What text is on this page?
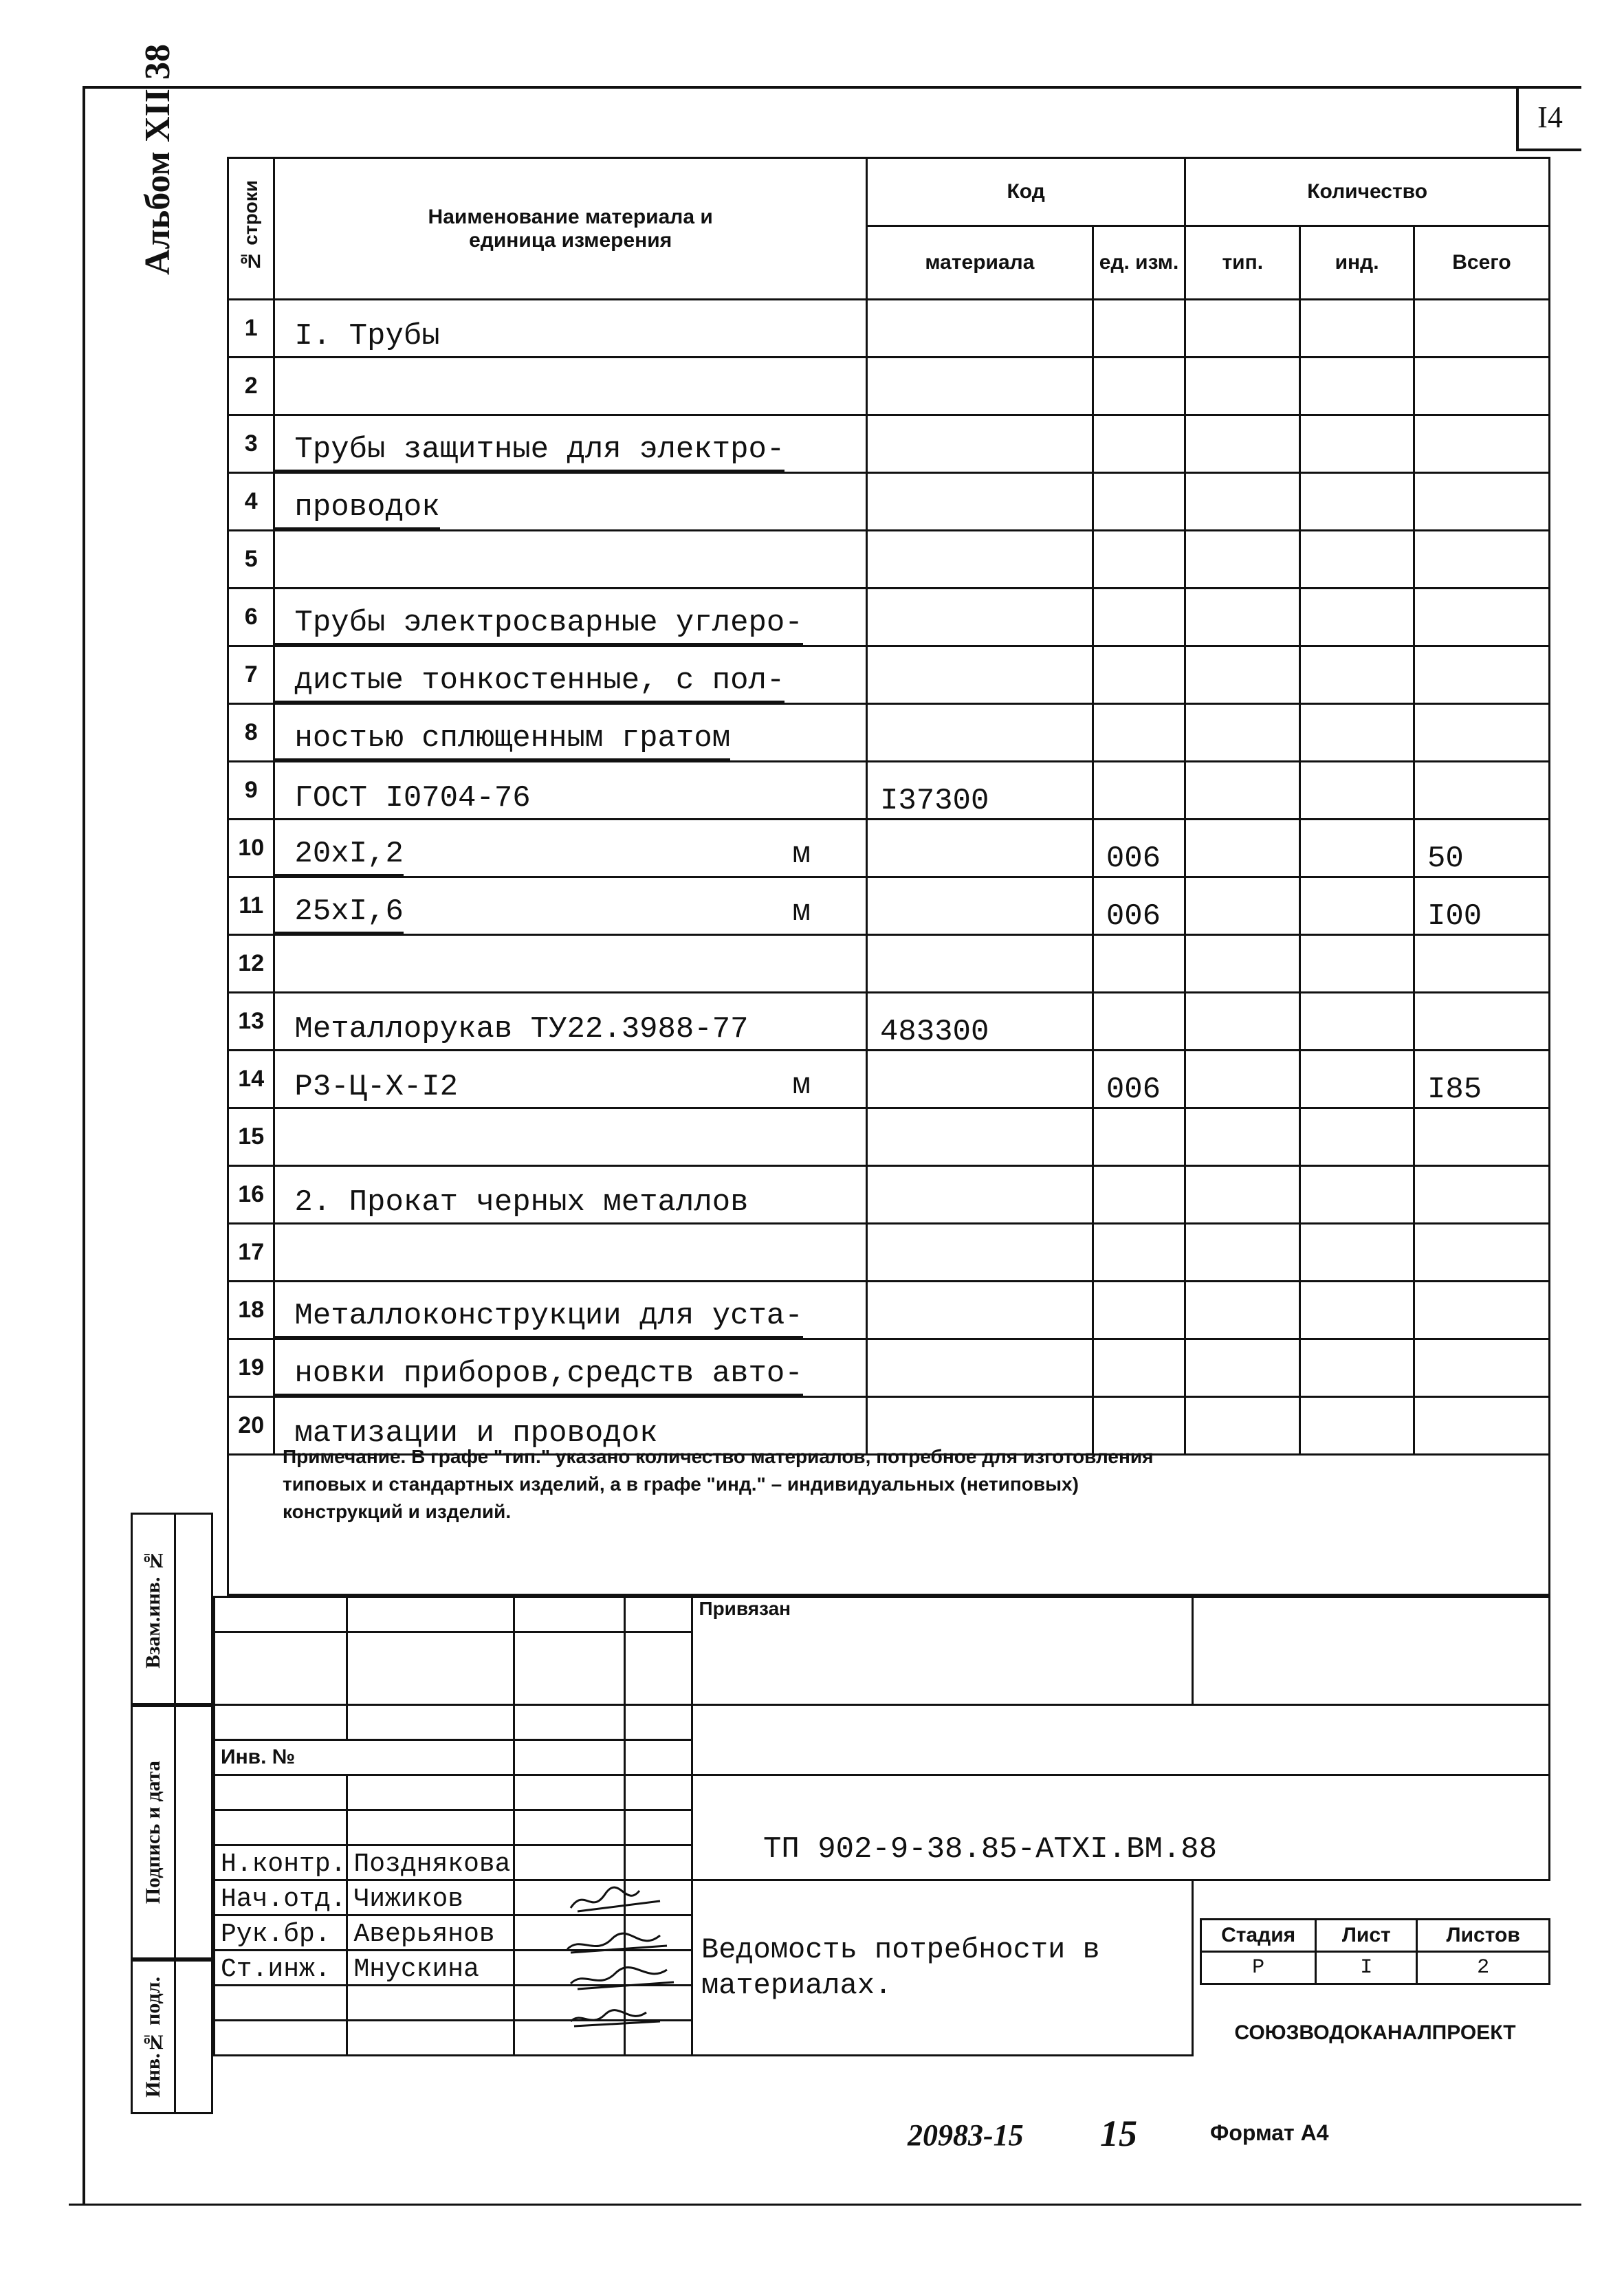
I4
Альбом XII 38	№ строки	Наименование материала и единица измерения	Код		Количество		
		материала	ед. изм.	тип.	инд.	Всего
1	I. Трубы

2	

3	Трубы защитные для электро-

4	проводок

5	

6	Трубы электросварные углеро-

7	дистые тонкостенные, с пол-

8	ностью сплющенным гратом

9	ГОСТ I0704-76	I37300				
10	20xI,2 м		006			50
11	25xI,6 м		006			I00
12	

13	Металлорукав ТУ22.3988-77	483300				
14	Р3-Ц-Х-I2 м		006			I85
15	

16	2. Прокат черных металлов

17	

18	Металлоконструкции для уста-

19	новки приборов,средств авто-

20	матизации и проводок

Примечание. В графе "тип." указано количество материалов, потребное для изготовления типовых и стандартных изделий, а в графе "инд." – индивидуальных (нетиповых) конструкций и изделий.

Взам.инв. №
Подпись и дата
Инв.№ подл.
				Привязан	

Инв. №					

Н.контр.	Позднякова				
Нач.отд.	Чижиков				
Рук.бр.	Аверьянов				
Ст.инж.	Мнускина				

ТП 902-9-38.85-АТХI.ВМ.88
Ведомость потребности в
материалах.
Стадия	Лист	Листов
Р	I	2
СОЮЗВОДОКАНАЛПРОЕКТ
20983-15 15	Формат А4
